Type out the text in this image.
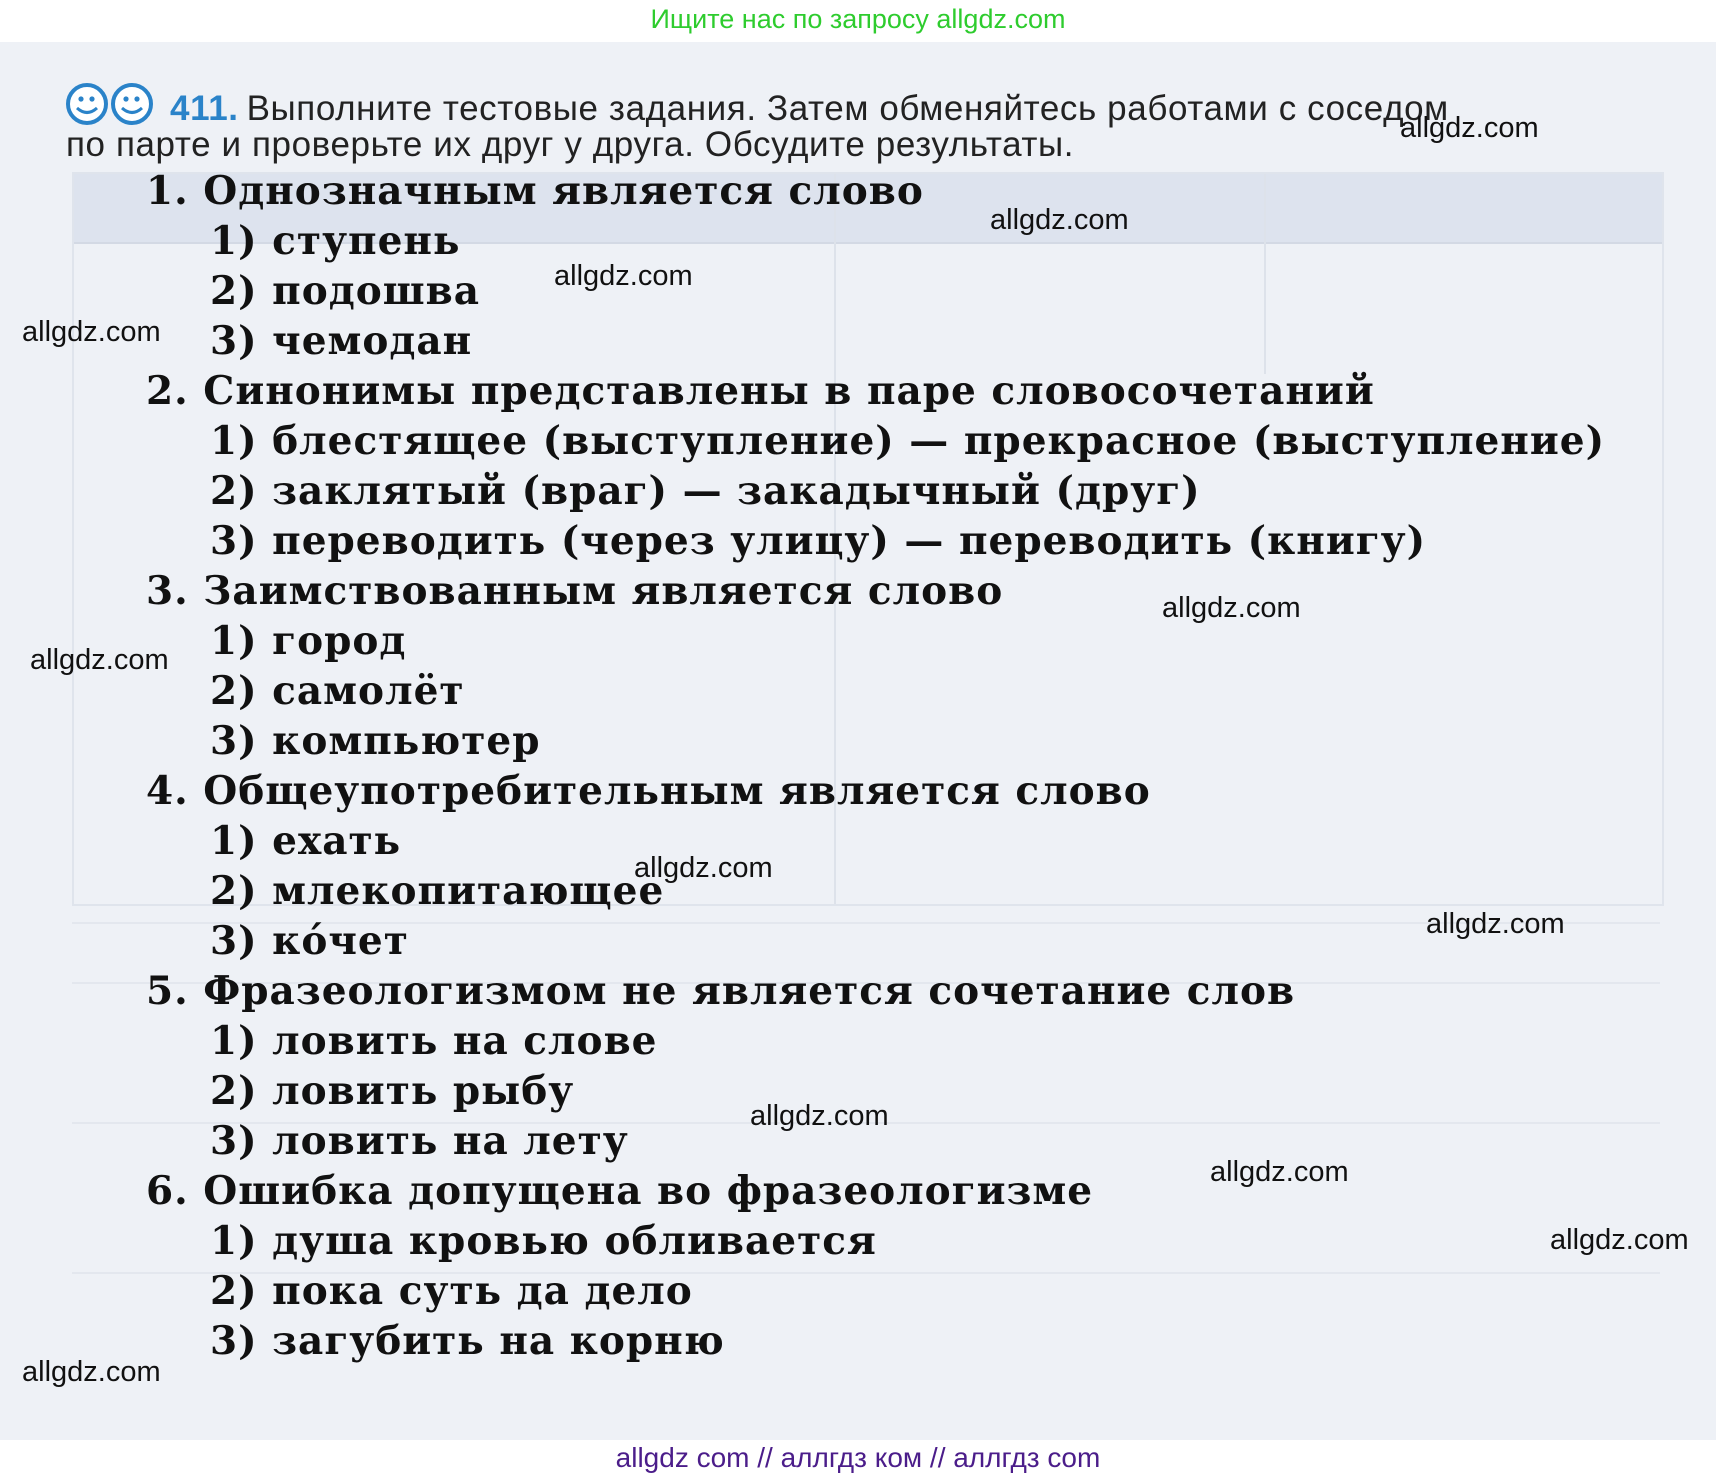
Ищите нас по запросу allgdz.com
411. Выполните тестовые задания. Затем обменяйтесь работами с соседом
по парте и проверьте их друг у друга. Обсудите результаты.
1. Однозначным является слово
1) ступень
2) подошва
3) чемодан
2. Синонимы представлены в паре словосочетаний
1) блестящее (выступление) — прекрасное (выступление)
2) заклятый (враг) — закадычный (друг)
3) переводить (через улицу) — переводить (книгу)
3. Заимствованным является слово
1) город
2) самолёт
3) компьютер
4. Общеупотребительным является слово
1) ехать
2) млекопитающее
3) ко́чет
5. Фразеологизмом не является сочетание слов
1) ловить на слове
2) ловить рыбу
3) ловить на лету
6. Ошибка допущена во фразеологизме
1) душа кровью обливается
2) пока суть да дело
3) загубить на корню
allgdz.com
allgdz.com
allgdz.com
allgdz.com
allgdz.com
allgdz.com
allgdz.com
allgdz.com
allgdz.com
allgdz.com
allgdz.com
allgdz.com
allgdz com // аллгдз ком // аллгдз com
